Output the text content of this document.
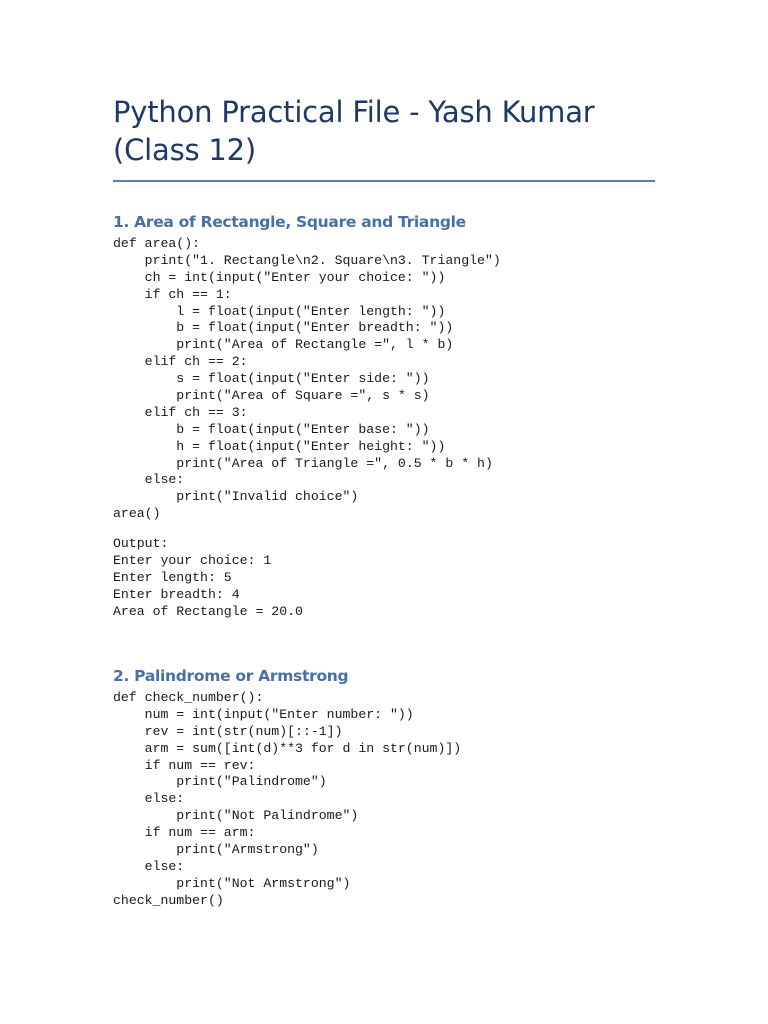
Python Practical File - Yash Kumar (Class 12)
1. Area of Rectangle, Square and Triangle
def area():
print("1. Rectangle\n2. Square\n3. Triangle")
ch = int(input("Enter your choice: "))
if ch == 1:
l = float(input("Enter length: "))
b = float(input("Enter breadth: "))
print("Area of Rectangle =", l * b)
elif ch == 2:
s = float(input("Enter side: "))
print("Area of Square =", s * s)
elif ch == 3:
b = float(input("Enter base: "))
h = float(input("Enter height: "))
print("Area of Triangle =", 0.5 * b * h)
else:
print("Invalid choice")
area()
Output:
Enter your choice: 1
Enter length: 5
Enter breadth: 4
Area of Rectangle = 20.0
2. Palindrome or Armstrong
def check_number():
num = int(input("Enter number: "))
rev = int(str(num)[::-1])
arm = sum([int(d)**3 for d in str(num)])
if num == rev:
print("Palindrome")
else:
print("Not Palindrome")
if num == arm:
print("Armstrong")
else:
print("Not Armstrong")
check_number()
